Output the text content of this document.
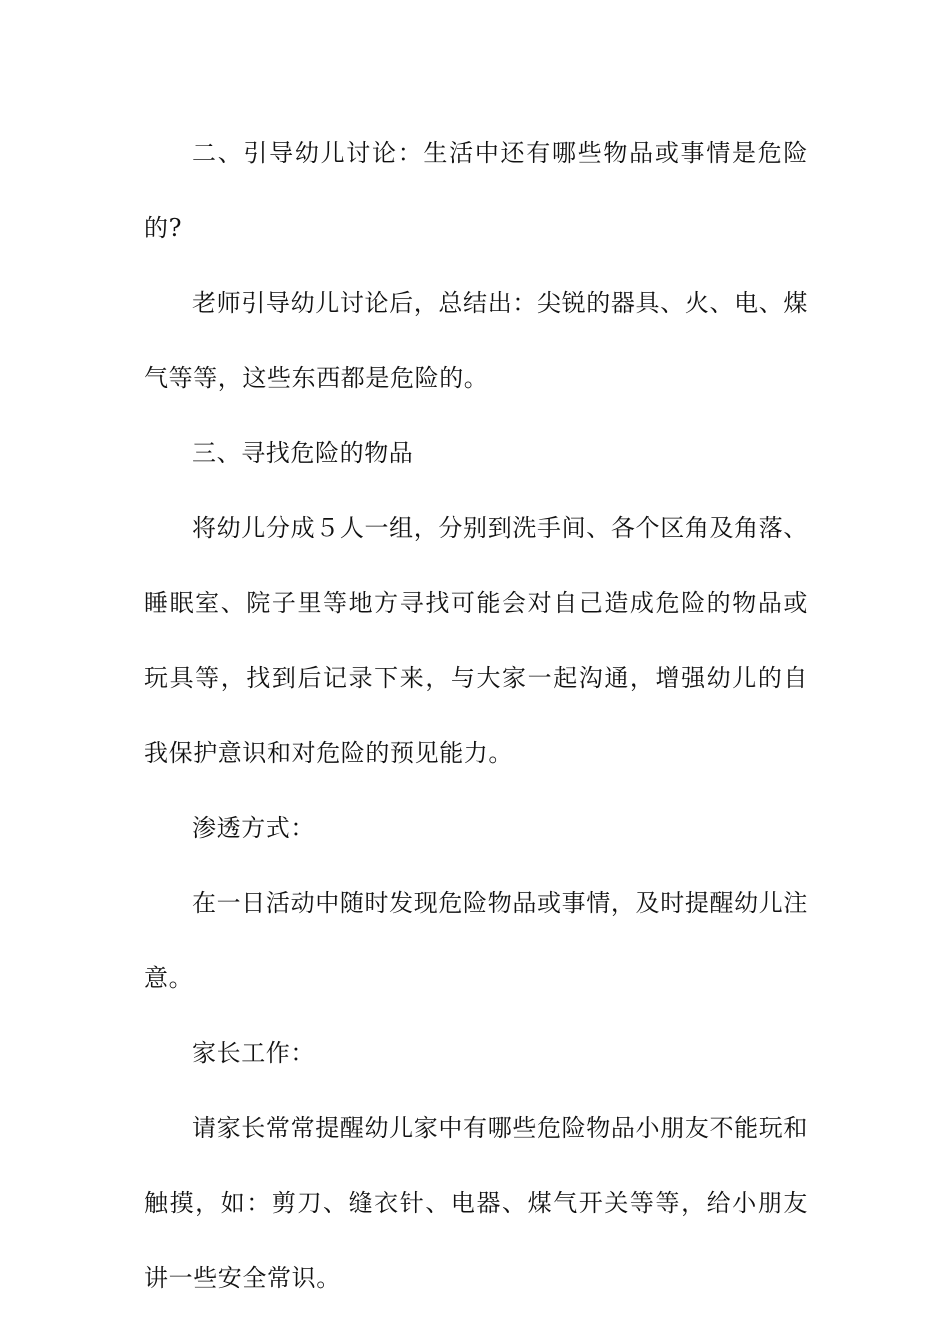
二、引导幼儿讨论：生活中还有哪些物品或事情是危险的?

老师引导幼儿讨论后，总结出：尖锐的器具、火、电、煤气等等，这些东西都是危险的。

三、寻找危险的物品

将幼儿分成５人一组，分别到洗手间、各个区角及角落、睡眠室、院子里等地方寻找可能会对自己造成危险的物品或玩具等，找到后记录下来，与大家一起沟通，增强幼儿的自我保护意识和对危险的预见能力。

渗透方式：

在一日活动中随时发现危险物品或事情，及时提醒幼儿注意。

家长工作：

请家长常常提醒幼儿家中有哪些危险物品小朋友不能玩和触摸，如：剪刀、缝衣针、电器、煤气开关等等，给小朋友讲一些安全常识。
